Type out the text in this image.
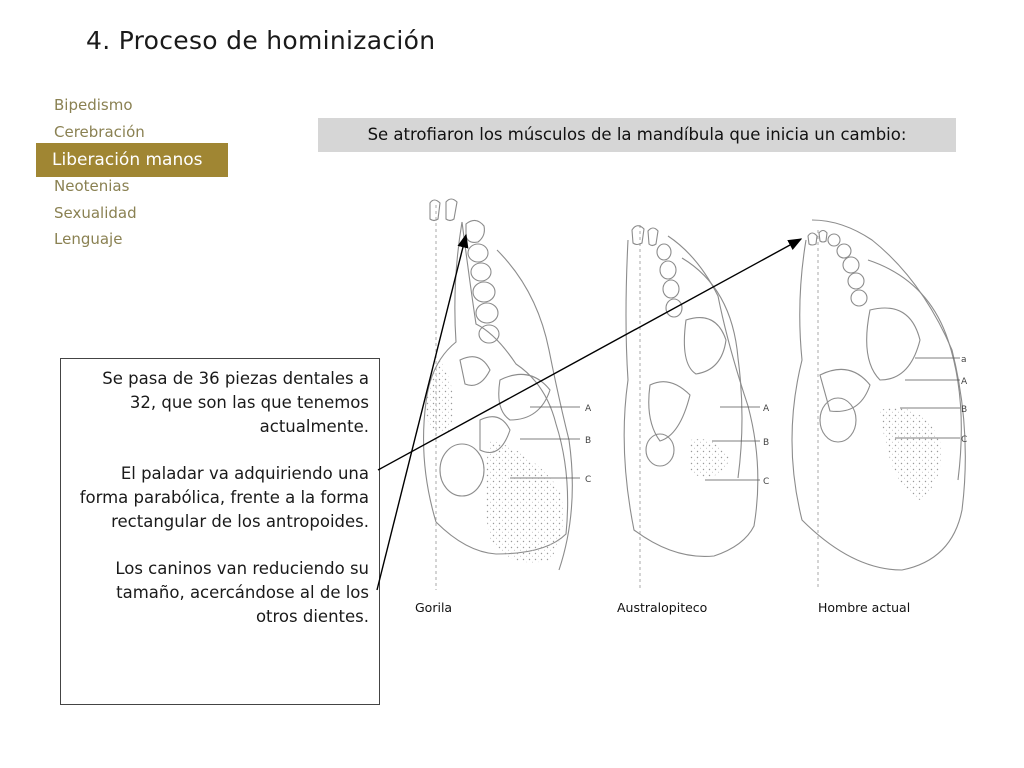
4. Proceso de hominización
Bipedismo
Cerebración
Liberación manos
Neotenias
Sexualidad
Lenguaje
Se atrofiaron los músculos de la mandíbula que inicia un cambio:

Se pasa de 36 piezas dentales a 32, que son las que tenemos actualmente.

El paladar va adquiriendo una forma parabólica, frente a la forma rectangular de los antropoides.

Los caninos van reduciendo su tamaño, acercándose al de los otros dientes.

A
B
C
A
B
C
a
A
B
C
Gorila	Australopiteco	Hombre actual
